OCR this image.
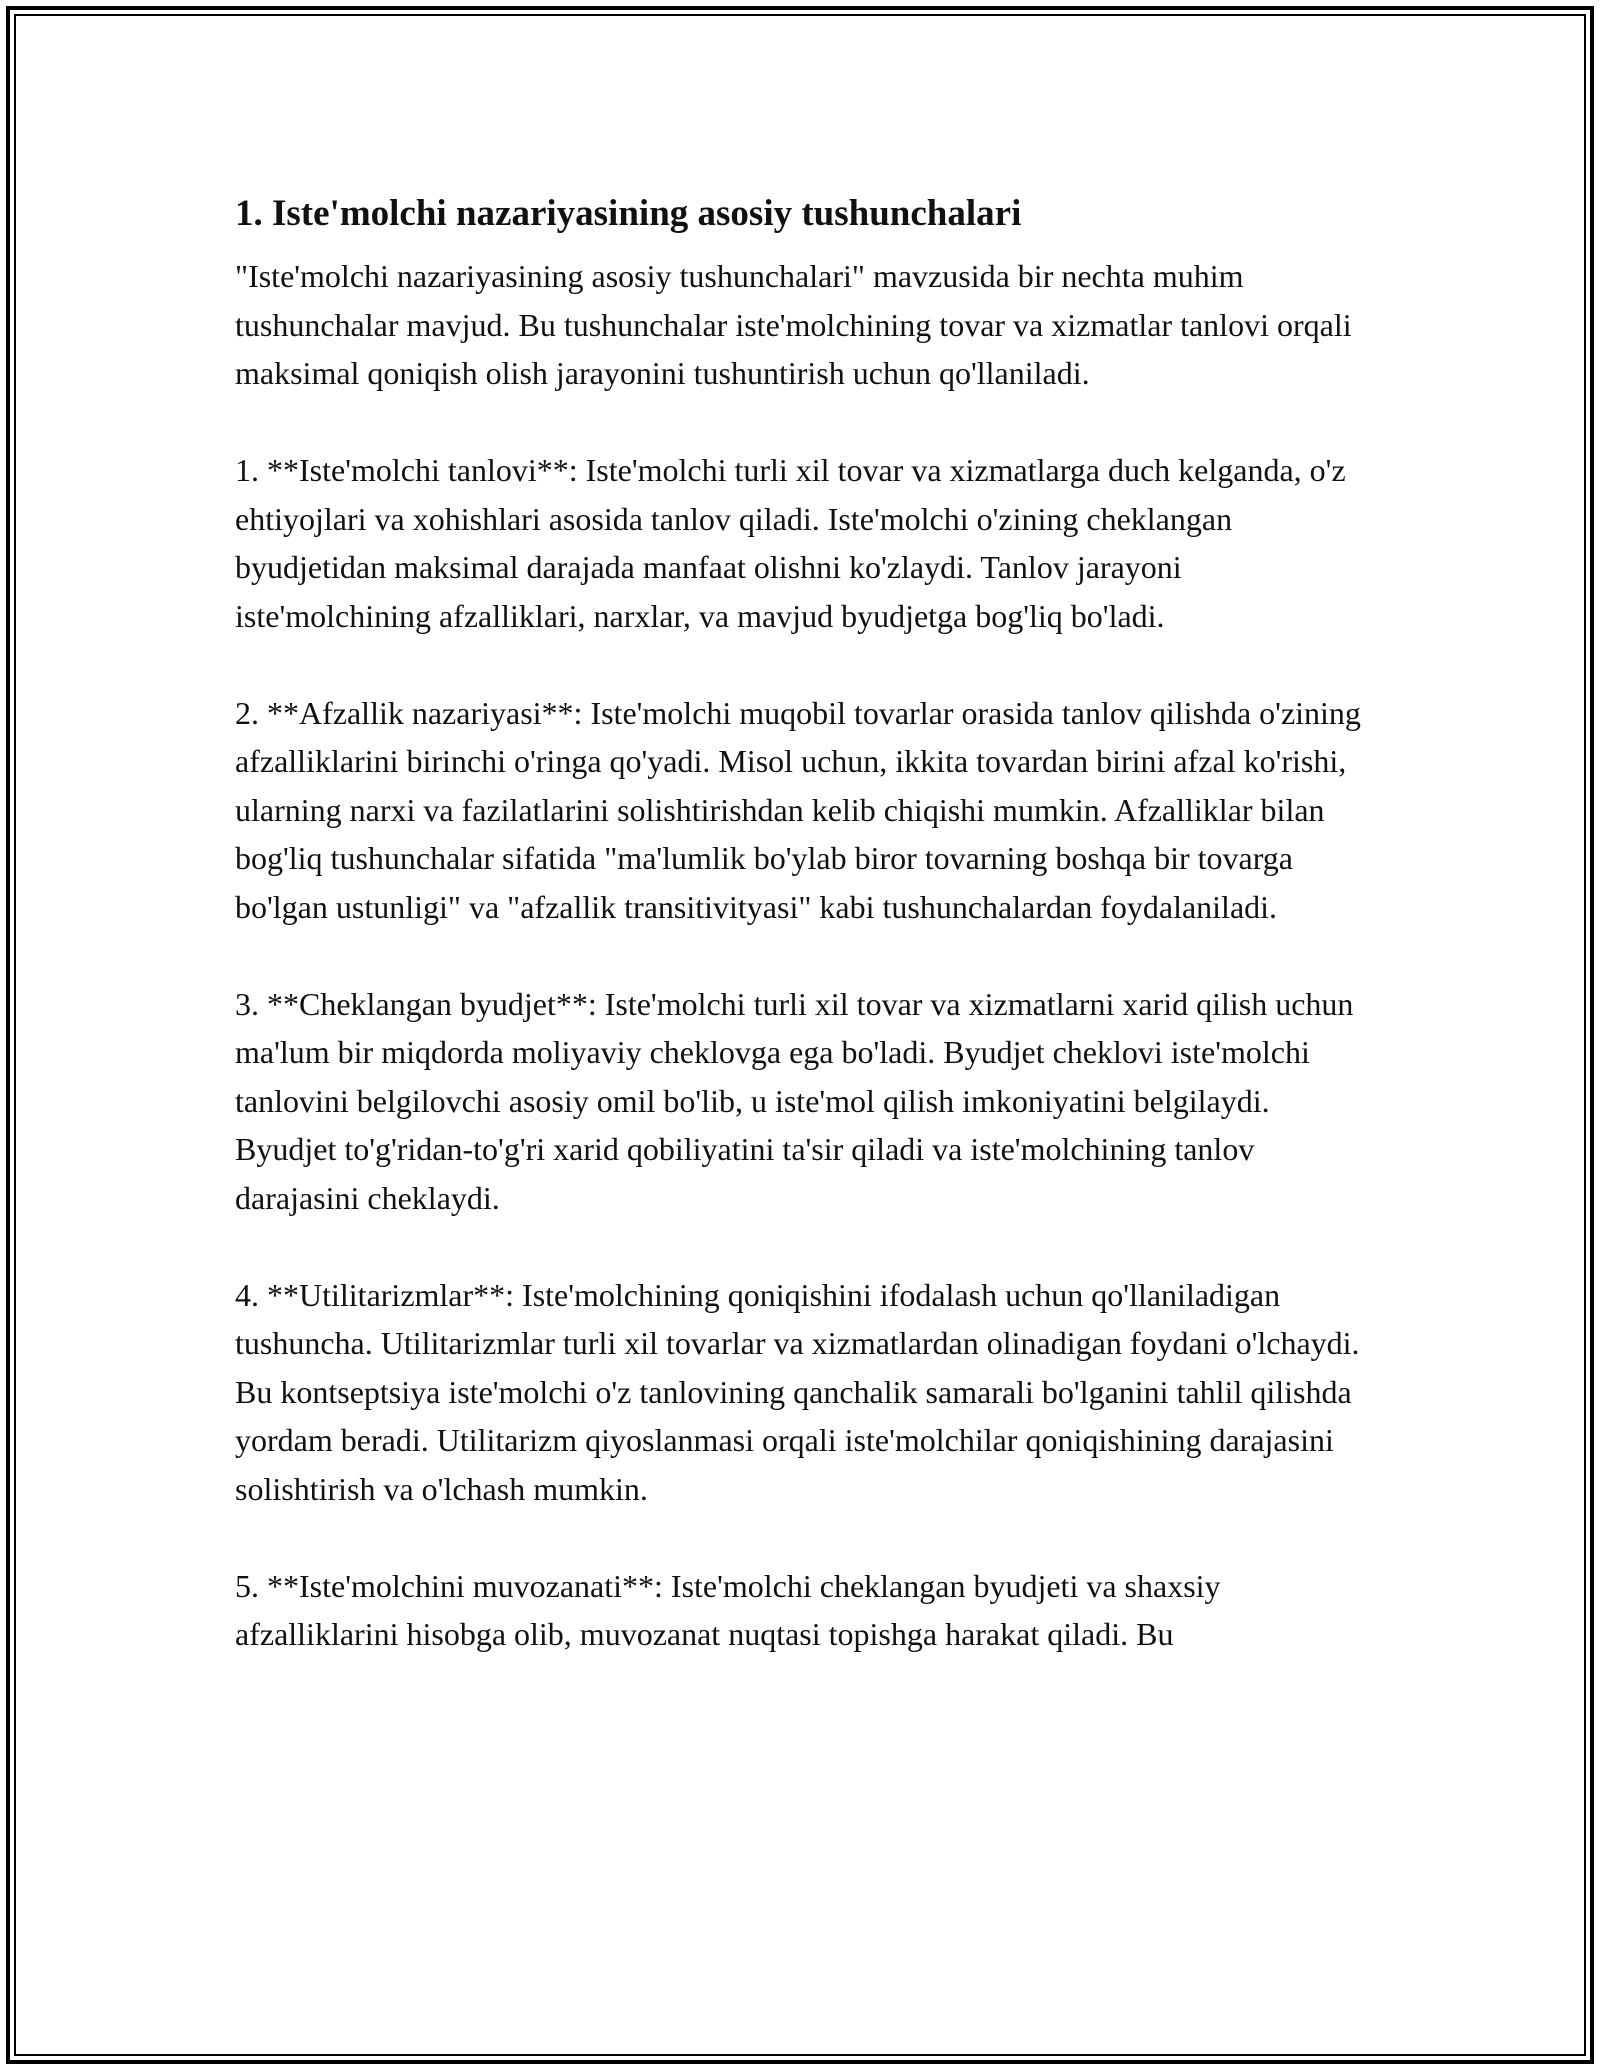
1. Iste'molchi nazariyasining asosiy tushunchalari

"Iste'molchi nazariyasining asosiy tushunchalari" mavzusida bir nechta muhim tushunchalar mavjud. Bu tushunchalar iste'molchining tovar va xizmatlar tanlovi orqali maksimal qoniqish olish jarayonini tushuntirish uchun qo'llaniladi.

1. **Iste'molchi tanlovi**: Iste'molchi turli xil tovar va xizmatlarga duch kelganda, o'z ehtiyojlari va xohishlari asosida tanlov qiladi. Iste'molchi o'zining cheklangan byudjetidan maksimal darajada manfaat olishni ko'zlaydi. Tanlov jarayoni iste'molchining afzalliklari, narxlar, va mavjud byudjetga bog'liq bo'ladi.

2. **Afzallik nazariyasi**: Iste'molchi muqobil tovarlar orasida tanlov qilishda o'zining afzalliklarini birinchi o'ringa qo'yadi. Misol uchun, ikkita tovardan birini afzal ko'rishi, ularning narxi va fazilatlarini solishtirishdan kelib chiqishi mumkin. Afzalliklar bilan bog'liq tushunchalar sifatida "ma'lumlik bo'ylab biror tovarning boshqa bir tovarga bo'lgan ustunligi" va "afzallik transitivityasi" kabi tushunchalardan foydalaniladi.

3. **Cheklangan byudjet**: Iste'molchi turli xil tovar va xizmatlarni xarid qilish uchun ma'lum bir miqdorda moliyaviy cheklovga ega bo'ladi. Byudjet cheklovi iste'molchi tanlovini belgilovchi asosiy omil bo'lib, u iste'mol qilish imkoniyatini belgilaydi. Byudjet to'g'ridan-to'g'ri xarid qobiliyatini ta'sir qiladi va iste'molchining tanlov darajasini cheklaydi.

4. **Utilitarizmlar**: Iste'molchining qoniqishini ifodalash uchun qo'llaniladigan tushuncha. Utilitarizmlar turli xil tovarlar va xizmatlardan olinadigan foydani o'lchaydi. Bu kontseptsiya iste'molchi o'z tanlovining qanchalik samarali bo'lganini tahlil qilishda yordam beradi. Utilitarizm qiyoslanmasi orqali iste'molchilar qoniqishining darajasini solishtirish va o'lchash mumkin.

5. **Iste'molchini muvozanati**: Iste'molchi cheklangan byudjeti va shaxsiy afzalliklarini hisobga olib, muvozanat nuqtasi topishga harakat qiladi. Bu
